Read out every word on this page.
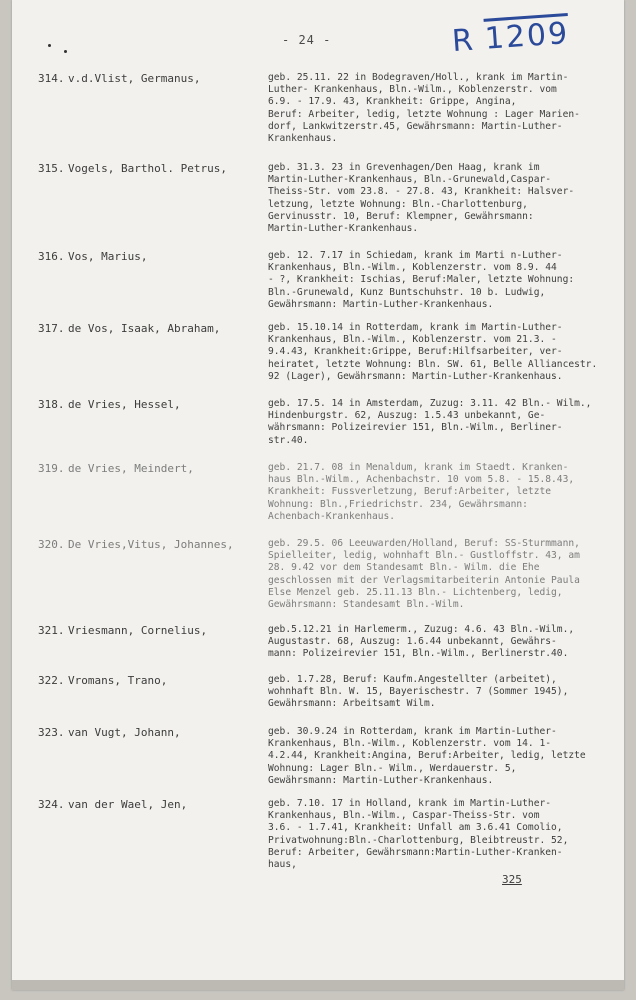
- 24 -	R 1209
314. v.d.Vlist, Germanus,	geb. 25.11. 22 in Bodegraven/Holl., krank im Martin-
Luther- Krankenhaus, Bln.-Wilm., Koblenzerstr. vom
6.9. - 17.9. 43, Krankheit: Grippe, Angina,
Beruf: Arbeiter, ledig, letzte Wohnung : Lager Marien-
dorf, Lankwitzerstr.45, Gewährsmann: Martin-Luther-
Krankenhaus.
315. Vogels, Barthol. Petrus,	geb. 31.3. 23 in Grevenhagen/Den Haag, krank im
Martin-Luther-Krankenhaus, Bln.-Grunewald,Caspar-
Theiss-Str. vom 23.8. - 27.8. 43, Krankheit: Halsver-
letzung, letzte Wohnung: Bln.-Charlottenburg,
Gervinusstr. 10, Beruf: Klempner, Gewährsmann:
Martin-Luther-Krankenhaus.
316. Vos, Marius,	geb. 12. 7.17 in Schiedam, krank im Marti n-Luther-
Krankenhaus, Bln.-Wilm., Koblenzerstr. vom 8.9. 44
- ?, Krankheit: Ischias, Beruf:Maler, letzte Wohnung:
Bln.-Grunewald, Kunz Buntschuhstr. 10 b. Ludwig,
Gewährsmann: Martin-Luther-Krankenhaus.
317. de Vos, Isaak, Abraham,	geb. 15.10.14 in Rotterdam, krank im Martin-Luther-
Krankenhaus, Bln.-Wilm., Koblenzerstr. vom 21.3. -
9.4.43, Krankheit:Grippe, Beruf:Hilfsarbeiter, ver-
heiratet, letzte Wohnung: Bln. SW. 61, Belle Alliancestr.
92 (Lager), Gewährsmann: Martin-Luther-Krankenhaus.
318. de Vries, Hessel,	geb. 17.5. 14 in Amsterdam, Zuzug: 3.11. 42 Bln.- Wilm.,
Hindenburgstr. 62, Auszug: 1.5.43 unbekannt, Ge-
währsmann: Polizeirevier 151, Bln.-Wilm., Berliner-
str.40.
319. de Vries, Meindert,	geb. 21.7. 08 in Menaldum, krank im Staedt. Kranken-
haus Bln.-Wilm., Achenbachstr. 10 vom 5.8. - 15.8.43,
Krankheit: Fussverletzung, Beruf:Arbeiter, letzte
Wohnung: Bln.,Friedrichstr. 234, Gewährsmann:
Achenbach-Krankenhaus.
320. De Vries,Vitus, Johannes,	geb. 29.5. 06 Leeuwarden/Holland, Beruf: SS-Sturmmann,
Spielleiter, ledig, wohnhaft Bln.- Gustloffstr. 43, am
28. 9.42 vor dem Standesamt Bln.- Wilm. die Ehe
geschlossen mit der Verlagsmitarbeiterin Antonie Paula
Else Menzel geb. 25.11.13 Bln.- Lichtenberg, ledig,
Gewährsmann: Standesamt Bln.-Wilm.
321. Vriesmann, Cornelius,	geb.5.12.21 in Harlemerm., Zuzug: 4.6. 43 Bln.-Wilm.,
Augustastr. 68, Auszug: 1.6.44 unbekannt, Gewährs-
mann: Polizeirevier 151, Bln.-Wilm., Berlinerstr.40.
322. Vromans, Trano,	geb. 1.7.28, Beruf: Kaufm.Angestellter (arbeitet),
wohnhaft Bln. W. 15, Bayerischestr. 7 (Sommer 1945),
Gewährsmann: Arbeitsamt Wilm.
323. van Vugt, Johann,	geb. 30.9.24 in Rotterdam, krank im Martin-Luther-
Krankenhaus, Bln.-Wilm., Koblenzerstr. vom 14. 1-
4.2.44, Krankheit:Angina, Beruf:Arbeiter, ledig, letzte
Wohnung: Lager Bln.- Wilm., Werdauerstr. 5,
Gewährsmann: Martin-Luther-Krankenhaus.
324. van der Wael, Jen,	geb. 7.10. 17 in Holland, krank im Martin-Luther-
Krankenhaus, Bln.-Wilm., Caspar-Theiss-Str. vom
3.6. - 1.7.41, Krankheit: Unfall am 3.6.41 Comolio,
Privatwohnung:Bln.-Charlottenburg, Bleibtreustr. 52,
Beruf: Arbeiter, Gewährsmann:Martin-Luther-Kranken-
haus,
325
